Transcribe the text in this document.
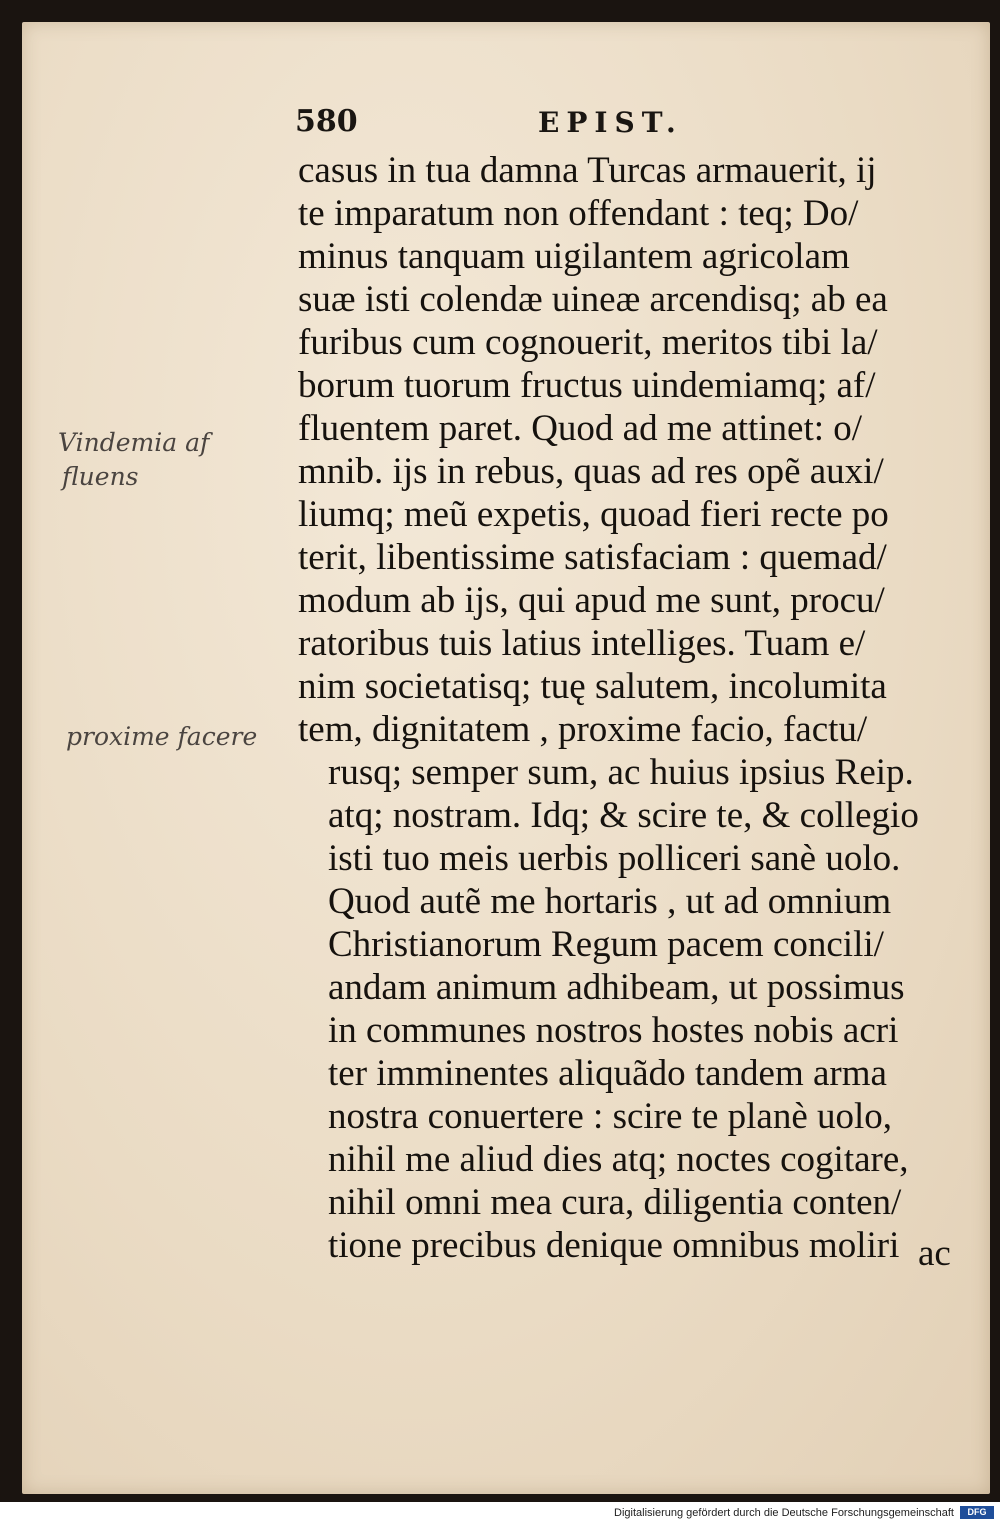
580	EPIST.
casus in tua damna Turcas armauerit, ij
te imparatum non offendant : teq; Do/
minus tanquam uigilantem agricolam
suæ isti colendæ uineæ arcendisq; ab ea
furibus cum cognouerit, meritos tibi la/
borum tuorum fructus uindemiamq; af/
fluentem paret. Quod ad me attinet: o/
mnib. ijs in rebus, quas ad res opẽ auxi/
liumq; meũ expetis, quoad fieri recte po
terit, libentissime satisfaciam : quemad/
modum ab ijs, qui apud me sunt, procu/
ratoribus tuis latius intelliges. Tuam e/
nim societatisq; tuę salutem, incolumita
tem, dignitatem , proxime facio, factu/
rusq; semper sum, ac huius ipsius Reip.
atq; nostram. Idq; & scire te, & collegio
isti tuo meis uerbis polliceri sanè uolo.
Quod autẽ me hortaris , ut ad omnium
Christianorum Regum pacem concili/
andam animum adhibeam, ut possimus
in communes nostros hostes nobis acri
ter imminentes aliquãdo tandem arma
nostra conuertere : scire te planè uolo,
nihil me aliud dies atq; noctes cogitare,
nihil omni mea cura, diligentia conten/
tione precibus denique omnibus moliri ac
Vindemia af
fluens
proxime facere
Digitalisierung gefördert durch die Deutsche Forschungsgemeinschaft	DFG
